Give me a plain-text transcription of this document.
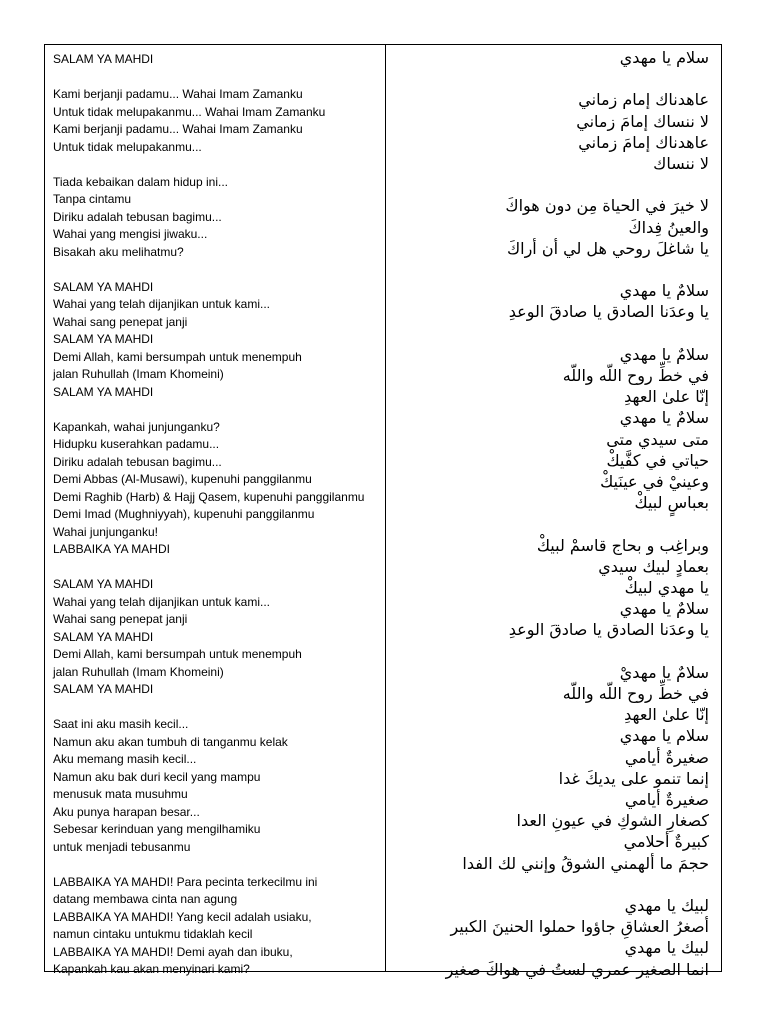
SALAM YA MAHDI
Kami berjanji padamu... Wahai Imam Zamanku
Untuk tidak melupakanmu... Wahai Imam Zamanku
Kami berjanji padamu... Wahai Imam Zamanku
Untuk tidak melupakanmu...
Tiada kebaikan dalam hidup ini...
Tanpa cintamu
Diriku adalah tebusan bagimu...
Wahai yang mengisi jiwaku...
Bisakah aku melihatmu?
SALAM YA MAHDI
Wahai yang telah dijanjikan untuk kami...
Wahai sang penepat janji
SALAM YA MAHDI
Demi Allah, kami bersumpah untuk menempuh
jalan Ruhullah (Imam Khomeini)
SALAM YA MAHDI
Kapankah, wahai junjunganku?
Hidupku kuserahkan padamu...
Diriku adalah tebusan bagimu...
Demi Abbas (Al-Musawi), kupenuhi panggilanmu
Demi Raghib (Harb) & Hajj Qasem, kupenuhi panggilanmu
Demi Imad (Mughniyyah), kupenuhi panggilanmu
Wahai junjunganku!
LABBAIKA YA MAHDI
SALAM YA MAHDI
Wahai yang telah dijanjikan untuk kami...
Wahai sang penepat janji
SALAM YA MAHDI
Demi Allah, kami bersumpah untuk menempuh
jalan Ruhullah (Imam Khomeini)
SALAM YA MAHDI
Saat ini aku masih kecil...
Namun aku akan tumbuh di tanganmu kelak
Aku memang masih kecil...
Namun aku bak duri kecil yang mampu
menusuk mata musuhmu
Aku punya harapan besar...
Sebesar kerinduan yang mengilhamiku
untuk menjadi tebusanmu
LABBAIKA YA MAHDI! Para pecinta terkecilmu ini
datang membawa cinta nan agung
LABBAIKA YA MAHDI! Yang kecil adalah usiaku,
namun cintaku untukmu tidaklah kecil
LABBAIKA YA MAHDI! Demi ayah dan ibuku,
Kapankah kau akan menyinari kami?
سلام يا مهدي
عاهدناك إمام زماني
لا ننساك إمامَ زماني
عاهدناك إمامَ زماني
لا ننساك
لا خيرَ في الحياة مِن دون هواكَ
والعينُ فِداكَ
يا شاغلَ روحي هل لي أن أراكَ
سلامٌ يا مهدي
يا وعدَنا الصادق يا صادقَ الوعدِ
سلامٌ يا مهدي
في خطِّ روح اللّه واللّه
إنّا علىٰ العهدِ
سلامٌ يا مهدي
متى سيدي متى
حياتي في كفَّيكْ
وعينيْ في عينَيكْ
بعباسٍ لبيكْ
وبراغِب و بحاج قاسمْ لبيكْ
بعمادٍ لبيك سيدي
يا مهدي لبيكْ
سلامٌ يا مهدي
يا وعدَنا الصادق يا صادقَ الوعدِ
سلامٌ يا مهديْ
في خطِّ روح اللّه واللّه
إنّا علىٰ العهدِ
سلام يا مهدي
صغيرةٌ أيامي
إنما تنمو على يديكَ غدا
صغيرةٌ أيامي
كصغارِ الشوكِ في عيونِ العدا
كبيرةٌ أحلامي
حجمَ ما ألهمني الشوقُ وإنني لك الفدا
لبيك يا مهدي
أصغرُ العشاقِ جاؤوا حملوا الحنينَ الكبير
لبيك يا مهدي
انما الصغير عمري لستُ في هواكَ صغير
